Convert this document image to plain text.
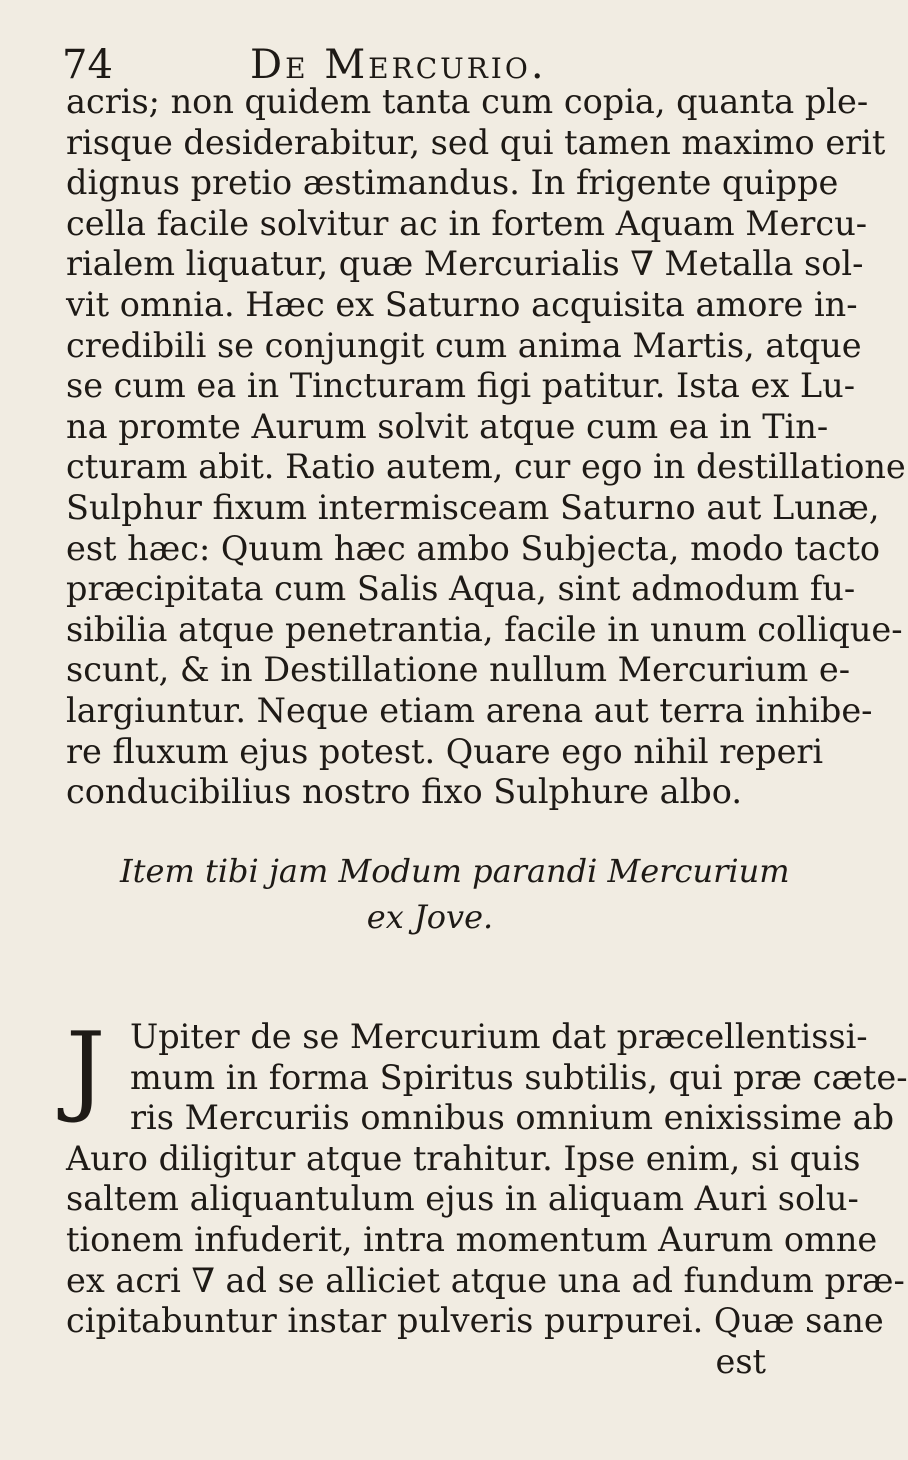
74	De Mercurio.
acris; non quidem tanta cum copia, quanta ple-
risque desiderabitur, sed qui tamen maximo erit
dignus pretio æstimandus. In frigente quippe
cella facile solvitur ac in fortem Aquam Mercu-
rialem liquatur, quæ Mercurialis ∇ Metalla sol-
vit omnia. Hæc ex Saturno acquisita amore in-
credibili se conjungit cum anima Martis, atque
se cum ea in Tincturam figi patitur. Ista ex Lu-
na promte Aurum solvit atque cum ea in Tin-
cturam abit. Ratio autem, cur ego in destillatione
Sulphur fixum intermisceam Saturno aut Lunæ,
est hæc: Quum hæc ambo Subjecta, modo tacto
præcipitata cum Salis Aqua, sint admodum fu-
sibilia atque penetrantia, facile in unum collique-
scunt, & in Destillatione nullum Mercurium e-
largiuntur. Neque etiam arena aut terra inhibe-
re fluxum ejus potest. Quare ego nihil reperi
conducibilius nostro fixo Sulphure albo.
Item tibi jam Modum parandi Mercurium
ex Jove.
J Upiter de se Mercurium dat præcellentissi-
mum in forma Spiritus subtilis, qui præ cæte-
ris Mercuriis omnibus omnium enixissime ab
Auro diligitur atque trahitur. Ipse enim, si quis
saltem aliquantulum ejus in aliquam Auri solu-
tionem infuderit, intra momentum Aurum omne
ex acri ∇ ad se alliciet atque una ad fundum præ-
cipitabuntur instar pulveris purpurei. Quæ sane
est
